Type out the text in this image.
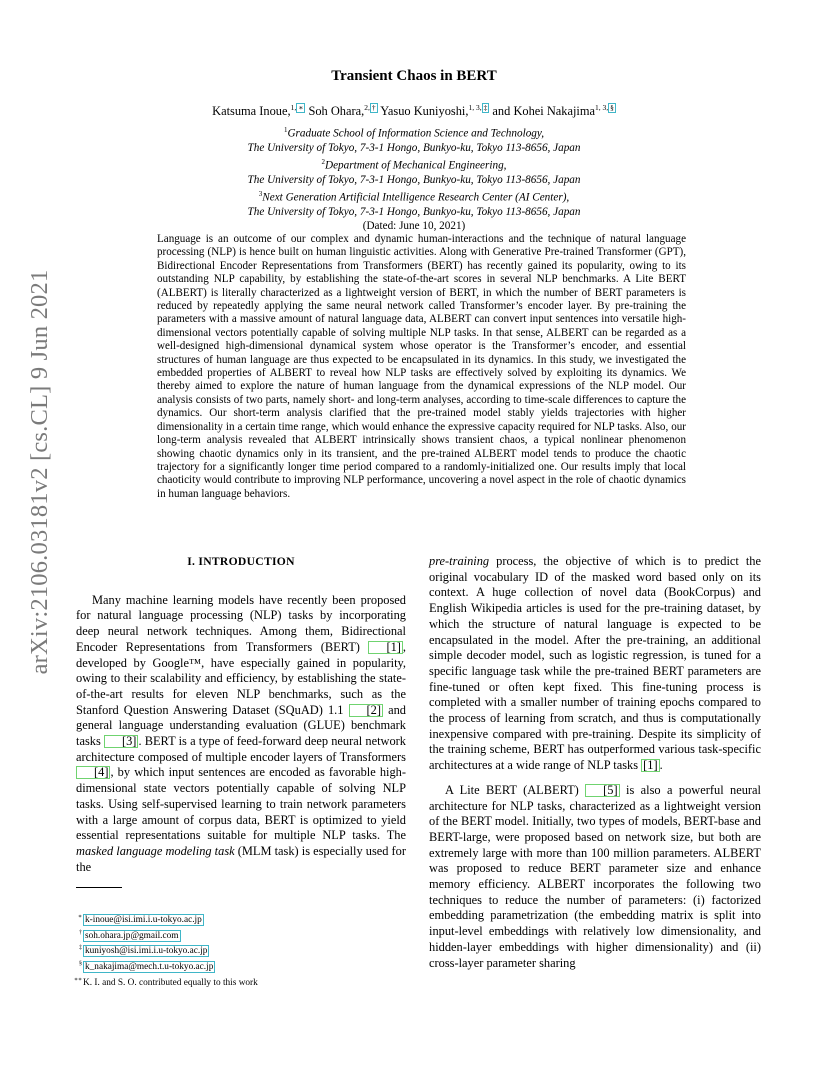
arXiv:2106.03181v2 [cs.CL] 9 Jun 2021
Transient Chaos in BERT
Katsuma Inoue,$^{1, ∗}$ Soh Ohara,$^{2, \dagger}$ Yasuo Kuniyoshi,$^{1, 3, \ddagger}$ and Kohei Nakajima$^{1, 3, \S}$
$^1$Graduate School of Information Science and Technology,
The University of Tokyo, 7-3-1 Hongo, Bunkyo-ku, Tokyo 113-8656, Japan
$^2$Department of Mechanical Engineering,
The University of Tokyo, 7-3-1 Hongo, Bunkyo-ku, Tokyo 113-8656, Japan
$^3$Next Generation Artificial Intelligence Research Center (AI Center),
The University of Tokyo, 7-3-1 Hongo, Bunkyo-ku, Tokyo 113-8656, Japan
(Dated: June 10, 2021)
Language is an outcome of our complex and dynamic human-interactions and the technique of natural language processing (NLP) is hence built on human linguistic activities. Along with Generative Pre-trained Transformer (GPT), Bidirectional Encoder Representations from Transformers (BERT) has recently gained its popularity, owing to its outstanding NLP capability, by establishing the state-of-the-art scores in several NLP benchmarks. A Lite BERT (ALBERT) is literally characterized as a lightweight version of BERT, in which the number of BERT parameters is reduced by repeatedly applying the same neural network called Transformer’s encoder layer. By pre-training the parameters with a massive amount of natural language data, ALBERT can convert input sentences into versatile high-dimensional vectors potentially capable of solving multiple NLP tasks. In that sense, ALBERT can be regarded as a well-designed high-dimensional dynamical system whose operator is the Transformer’s encoder, and essential structures of human language are thus expected to be encapsulated in its dynamics. In this study, we investigated the embedded properties of ALBERT to reveal how NLP tasks are effectively solved by exploiting its dynamics. We thereby aimed to explore the nature of human language from the dynamical expressions of the NLP model. Our analysis consists of two parts, namely short- and long-term analyses, according to time-scale differences to capture the dynamics. Our short-term analysis clarified that the pre-trained model stably yields trajectories with higher dimensionality in a certain time range, which would enhance the expressive capacity required for NLP tasks. Also, our long-term analysis revealed that ALBERT intrinsically shows transient chaos, a typical nonlinear phenomenon showing chaotic dynamics only in its transient, and the pre-trained ALBERT model tends to produce the chaotic trajectory for a significantly longer time period compared to a randomly-initialized one. Our results imply that local chaoticity would contribute to improving NLP performance, uncovering a novel aspect in the role of chaotic dynamics in human language behaviors.
I. INTRODUCTION

Many machine learning models have recently been proposed for natural language processing (NLP) tasks by incorporating deep neural network techniques. Among them, Bidirectional Encoder Representations from Transformers (BERT) [1] , developed by Google™, have especially gained in popularity, owing to their scalability and efficiency, by establishing the state-of-the-art results for eleven NLP benchmarks, such as the Stanford Question Answering Dataset (SQuAD) 1.1 [2] and general language understanding evaluation (GLUE) benchmark tasks [3] . BERT is a type of feed-forward deep neural network architecture composed of multiple encoder layers of Transformers [4] , by which input sentences are encoded as favorable high-dimensional state vectors potentially capable of solving NLP tasks. Using self-supervised learning to train network parameters with a large amount of corpus data, BERT is optimized to yield essential representations suitable for multiple NLP tasks. The masked language modeling task (MLM task) is especially used for the

pre-training process, the objective of which is to predict the original vocabulary ID of the masked word based only on its context. A huge collection of novel data (BookCorpus) and English Wikipedia articles is used for the pre-training dataset, by which the structure of natural language is expected to be encapsulated in the model. After the pre-training, an additional simple decoder model, such as logistic regression, is tuned for a specific language task while the pre-trained BERT parameters are fine-tuned or often kept fixed. This fine-tuning process is completed with a smaller number of training epochs compared to the process of learning from scratch, and thus is computationally inexpensive compared with pre-training. Despite its simplicity of the training scheme, BERT has outperformed various task-specific architectures at a wide range of NLP tasks [1] .

A Lite BERT (ALBERT) [5] is also a powerful neural architecture for NLP tasks, characterized as a lightweight version of the BERT model. Initially, two types of models, BERT-base and BERT-large, were proposed based on network size, but both are extremely large with more than 100 million parameters. ALBERT was proposed to reduce BERT parameter size and enhance memory efficiency. ALBERT incorporates the following two techniques to reduce the number of parameters: (i) factorized embedding parametrization (the embedding matrix is split into input-level embeddings with relatively low dimensionality, and hidden-layer embeddings with higher dimensionality) and (ii) cross-layer parameter sharing

∗ k-inoue@isi.imi.i.u-tokyo.ac.jp
† soh.ohara.jp@gmail.com
‡ kuniyosh@isi.imi.i.u-tokyo.ac.jp
§ k_nakajima@mech.t.u-tokyo.ac.jp
∗∗K. I. and S. O. contributed equally to this work
